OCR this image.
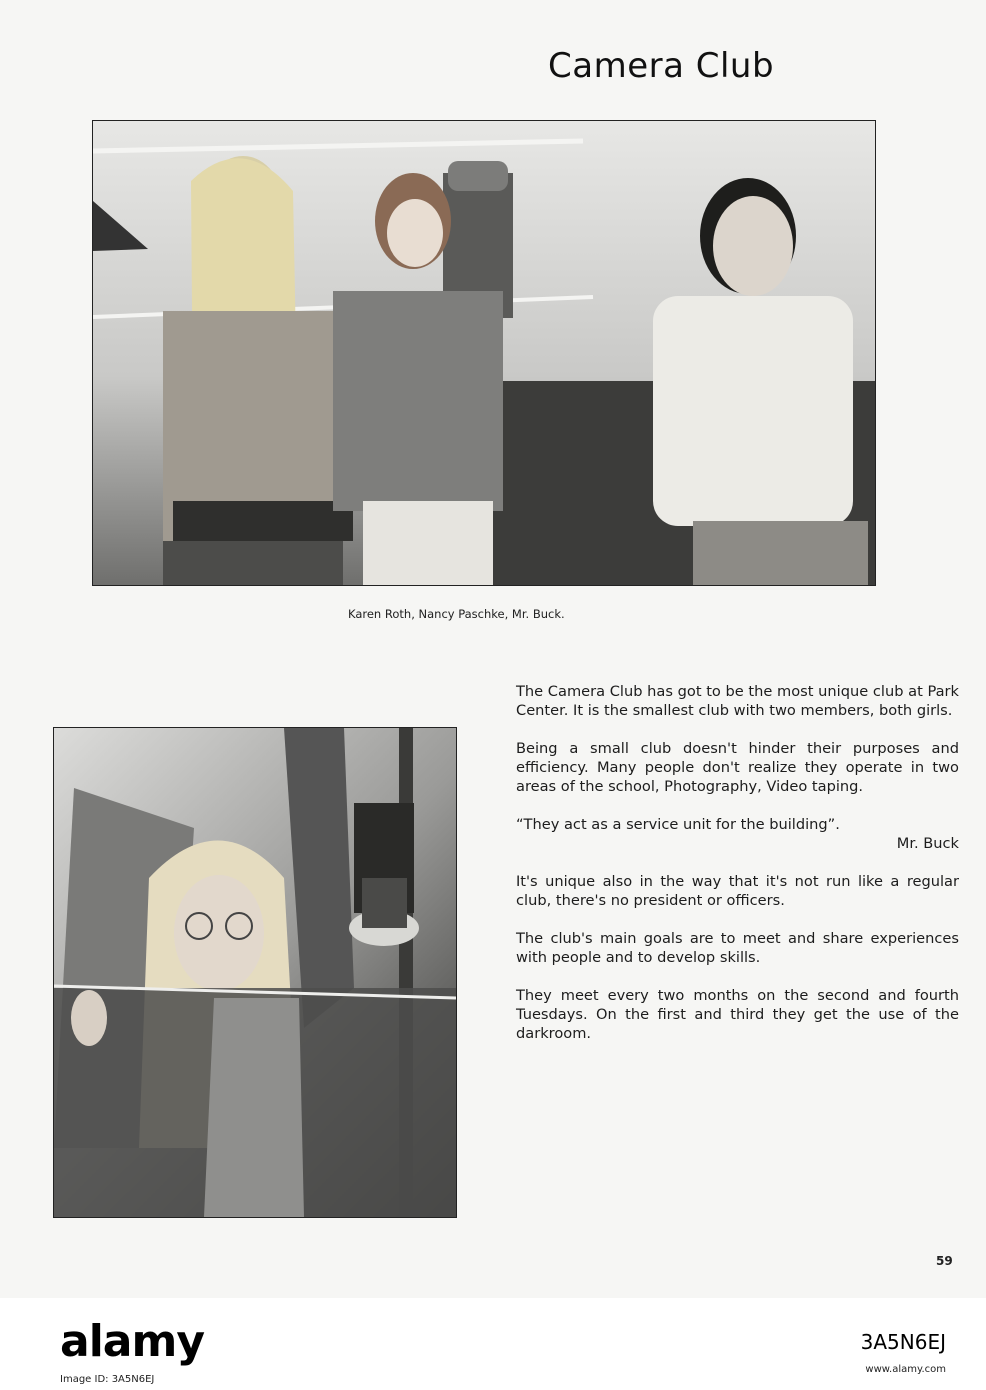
Camera Club
Karen Roth, Nancy Paschke, Mr. Buck.

The Camera Club has got to be the most unique club at Park Center. It is the smallest club with two members, both girls.

Being a small club doesn't hinder their purposes and efficiency. Many people don't realize they operate in two areas of the school, Photography, Video taping.

“They act as a service unit for the building”.

Mr. Buck

It's unique also in the way that it's not run like a regular club, there's no president or officers.

The club's main goals are to meet and share experiences with people and to develop skills.

They meet every two months on the second and fourth Tuesdays. On the first and third they get the use of the darkroom.

59
alamy
Image ID: 3A5N6EJ
3A5N6EJ
www.alamy.com
